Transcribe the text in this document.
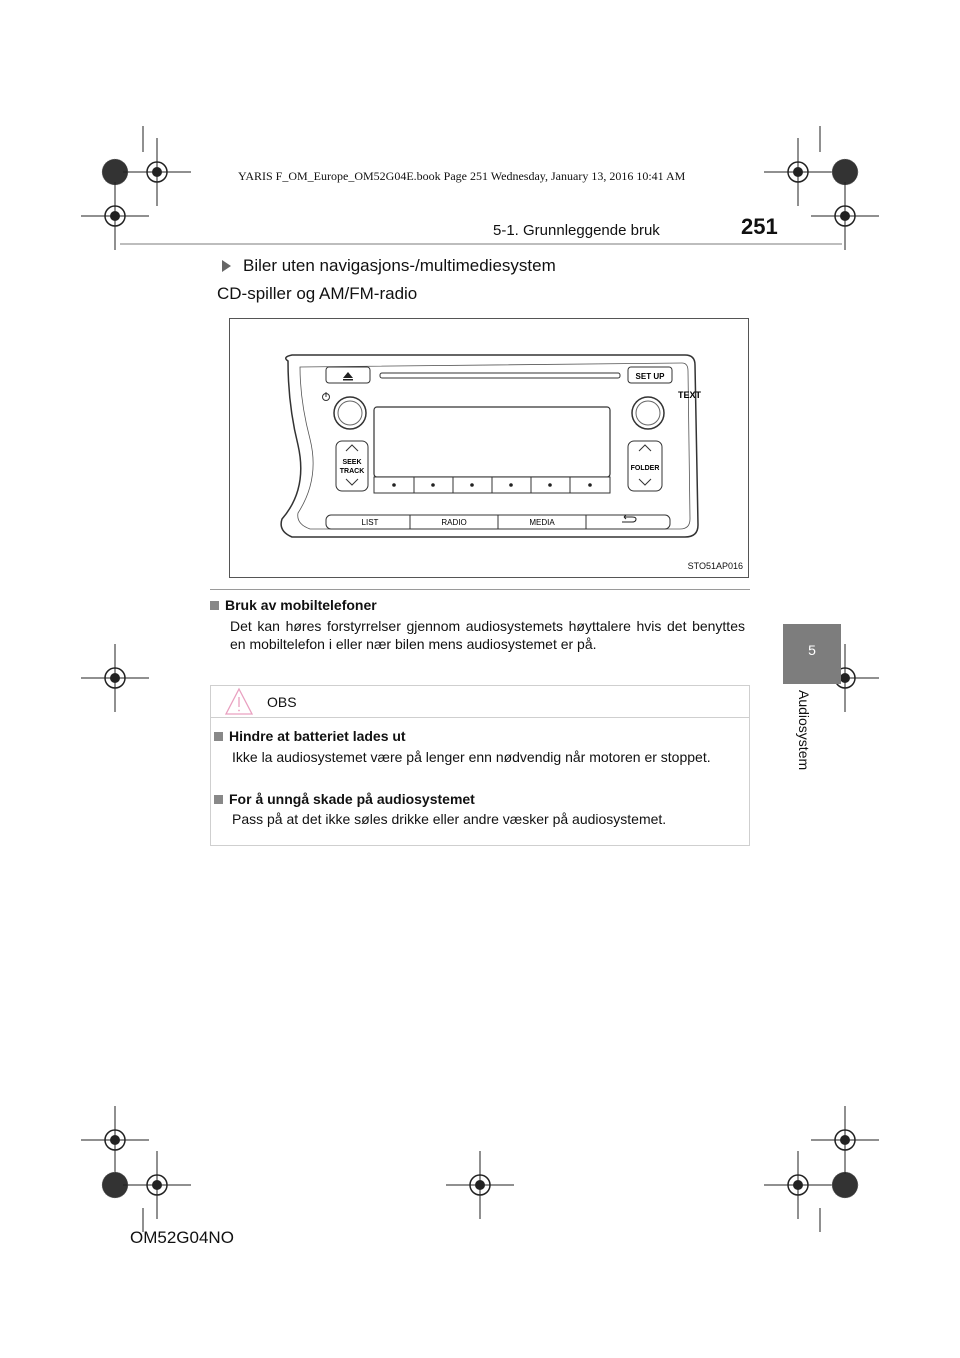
YARIS F_OM_Europe_OM52G04E.book Page 251 Wednesday, January 13, 2016 10:41 AM
5-1. Grunnleggende bruk	251
5
Audiosystem
Biler uten navigasjons-/multimediesystem
CD-spiller og AM/FM-radio
SET UP
TEXT
SEEK
TRACK	FOLDER
LIST	RADIO	MEDIA
STO51AP016
Bruk av mobiltelefoner
Det kan høres forstyrrelser gjennom audiosystemets høyttalere hvis det benyttes en mobiltelefon i eller nær bilen mens audiosystemet er på.
OBS
Hindre at batteriet lades ut
Ikke la audiosystemet være på lenger enn nødvendig når motoren er stoppet.
For å unngå skade på audiosystemet
Pass på at det ikke søles drikke eller andre væsker på audiosystemet.
OM52G04NO
